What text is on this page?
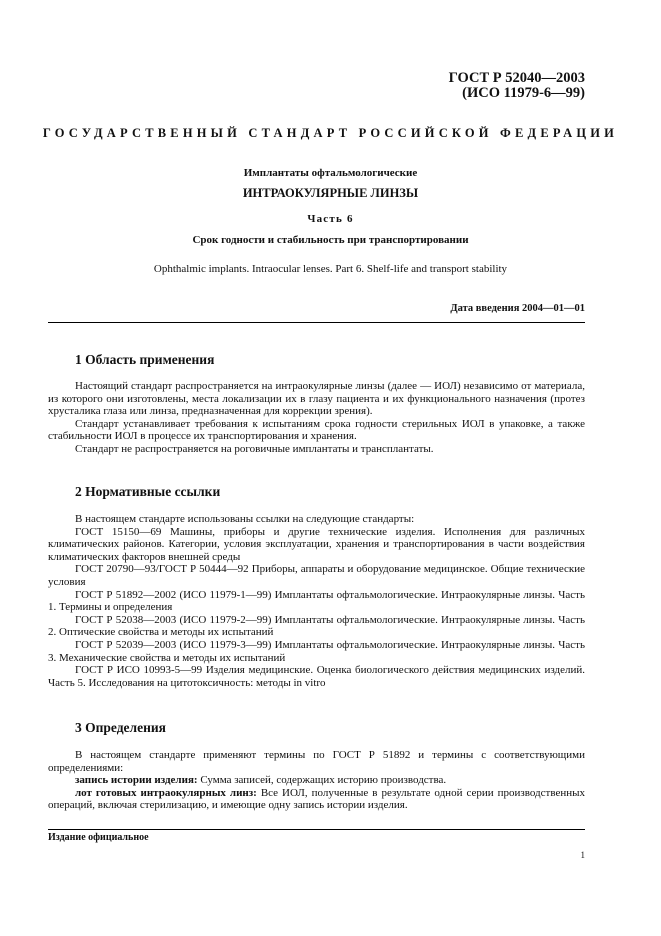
ГОСТ Р 52040—2003
(ИСО 11979-6—99)
ГОСУДАРСТВЕННЫЙ СТАНДАРТ РОССИЙСКОЙ ФЕДЕРАЦИИ
Имплантаты офтальмологические
ИНТРАОКУЛЯРНЫЕ ЛИНЗЫ
Часть 6
Срок годности и стабильность при транспортировании
Ophthalmic implants. Intraocular lenses. Part 6. Shelf-life and transport stability
Дата введения 2004—01—01
1 Область применения

Настоящий стандарт распространяется на интраокулярные линзы (далее — ИОЛ) независимо от материала, из которого они изготовлены, места локализации их в глазу пациента и их функционального назначения (протез хрусталика глаза или линза, предназначенная для коррекции зрения).

Стандарт устанавливает требования к испытаниям срока годности стерильных ИОЛ в упаковке, а также стабильности ИОЛ в процессе их транспортирования и хранения.

Стандарт не распространяется на роговичные имплантаты и трансплантаты.

2 Нормативные ссылки

В настоящем стандарте использованы ссылки на следующие стандарты:

ГОСТ 15150—69 Машины, приборы и другие технические изделия. Исполнения для различных климатических районов. Категории, условия эксплуатации, хранения и транспортирования в части воздействия климатических факторов внешней среды

ГОСТ 20790—93/ГОСТ Р 50444—92 Приборы, аппараты и оборудование медицинское. Общие технические условия

ГОСТ Р 51892—2002 (ИСО 11979-1—99) Имплантаты офтальмологические. Интраокулярные линзы. Часть 1. Термины и определения

ГОСТ Р 52038—2003 (ИСО 11979-2—99) Имплантаты офтальмологические. Интраокулярные линзы. Часть 2. Оптические свойства и методы их испытаний

ГОСТ Р 52039—2003 (ИСО 11979-3—99) Имплантаты офтальмологические. Интраокулярные линзы. Часть 3. Механические свойства и методы их испытаний

ГОСТ Р ИСО 10993-5—99 Изделия медицинские. Оценка биологического действия медицинских изделий. Часть 5. Исследования на цитотоксичность: методы in vitro

3 Определения

В настоящем стандарте применяют термины по ГОСТ Р 51892 и термины с соответствующими определениями:

запись истории изделия: Сумма записей, содержащих историю производства.

лот готовых интраокулярных линз: Все ИОЛ, полученные в результате одной серии производственных операций, включая стерилизацию, и имеющие одну запись истории изделия.

Издание официальное
1
